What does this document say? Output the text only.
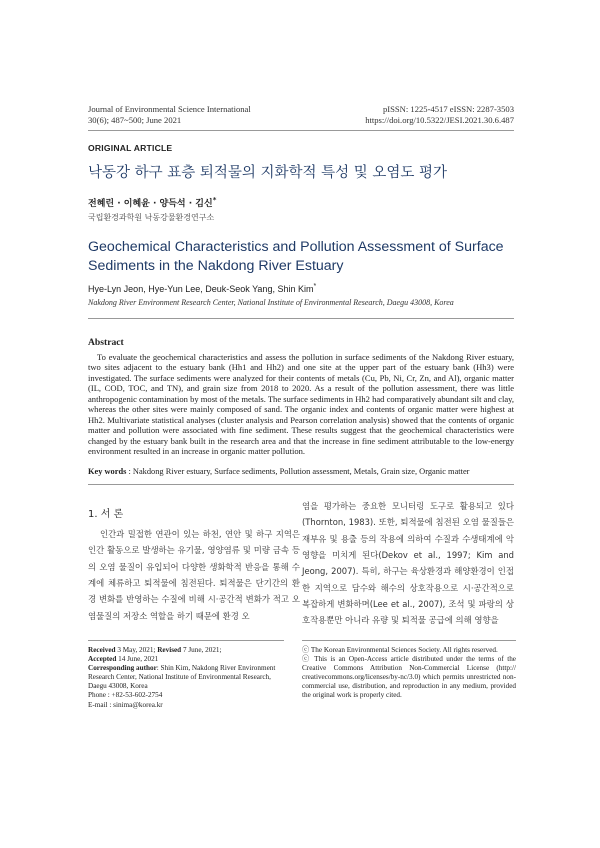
Journal of Environmental Science International
30(6); 487~500; June 2021
pISSN: 1225-4517 eISSN: 2287-3503
https://doi.org/10.5322/JESI.2021.30.6.487
ORIGINAL ARTICLE
낙동강 하구 표층 퇴적물의 지화학적 특성 및 오염도 평가
전혜린 · 이혜윤 · 양득석 · 김신*
국립환경과학원 낙동강물환경연구소
Geochemical Characteristics and Pollution Assessment of Surface Sediments in the Nakdong River Estuary
Hye-Lyn Jeon, Hye-Yun Lee, Deuk-Seok Yang, Shin Kim*
Nakdong River Environment Research Center, National Institute of Environmental Research, Daegu 43008, Korea
Abstract
To evaluate the geochemical characteristics and assess the pollution in surface sediments of the Nakdong River estuary, two sites adjacent to the estuary bank (Hh1 and Hh2) and one site at the upper part of the estuary bank (Hh3) were investigated. The surface sediments were analyzed for their contents of metals (Cu, Pb, Ni, Cr, Zn, and Al), organic matter (IL, COD, TOC, and TN), and grain size from 2018 to 2020. As a result of the pollution assessment, there was little anthropogenic contamination by most of the metals. The surface sediments in Hh2 had comparatively abundant silt and clay, whereas the other sites were mainly composed of sand. The organic index and contents of organic matter were highest at Hh2. Multivariate statistical analyses (cluster analysis and Pearson correlation analysis) showed that the contents of organic matter and pollution were associated with fine sediment. These results suggest that the geochemical characteristics were changed by the estuary bank built in the research area and that the increase in fine sediment attributable to the low-energy environment resulted in an increase in organic matter pollution.
Key words : Nakdong River estuary, Surface sediments, Pollution assessment, Metals, Grain size, Organic matter
1. 서 론
인간과 밀접한 연관이 있는 하천, 연안 및 하구 지역은 인간 활동으로 발생하는 유기물, 영양염류 및 미량 금속 등의 오염 물질이 유입되어 다양한 생화학적 반응을 통해 수계에 체류하고 퇴적물에 침전된다. 퇴적물은 단기간의 환경 변화를 반영하는 수질에 비해 시·공간적 변화가 적고 오염물질의 저장소 역할을 하기 때문에 환경 오
염을 평가하는 중요한 모니터링 도구로 활용되고 있다(Thornton, 1983). 또한, 퇴적물에 침전된 오염 물질들은 재부유 및 용출 등의 작용에 의하여 수질과 수생태계에 악영향을 미치게 된다(Dekov et al., 1997; Kim and Jeong, 2007). 특히, 하구는 육상환경과 해양환경이 인접한 지역으로 담수와 해수의 상호작용으로 시·공간적으로 복잡하게 변화하며(Lee et al., 2007), 조석 및 파랑의 상호작용뿐만 아니라 유량 및 퇴적물 공급에 의해 영향을
Received 3 May, 2021; Revised 7 June, 2021;
Accepted 14 June, 2021
Corresponding author: Shin Kim, Nakdong River Environment Research Center, National Institute of Environmental Research, Daegu 43008, Korea
Phone : +82-53-602-2754
E-mail : sinima@korea.kr
ⓒ The Korean Environmental Sciences Society. All rights reserved.
ⓒ This is an Open-Access article distributed under the terms of the Creative Commons Attribution Non-Commercial License (http:// creativecommons.org/licenses/by-nc/3.0) which permits unrestricted non-commercial use, distribution, and reproduction in any medium, provided the original work is properly cited.
